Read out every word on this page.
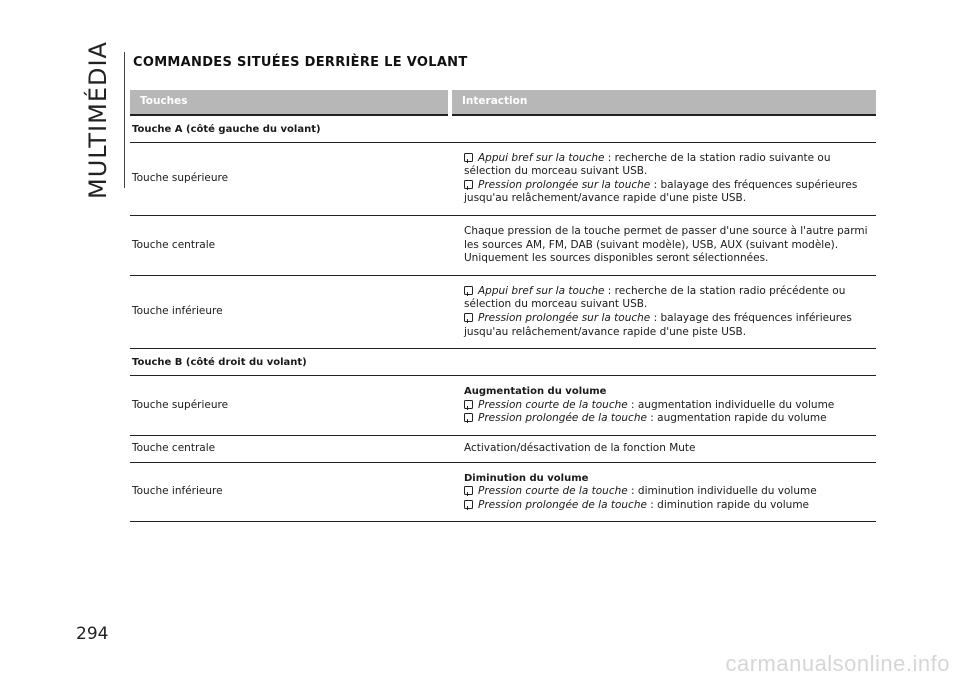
MULTIMÉDIA
294
COMMANDES SITUÉES DERRIÈRE LE VOLANT
Touches	Interaction
Touche A (côté gauche du volant)	
Touche supérieure	Appui bref sur la touche : recherche de la station radio suivante ou sélection du morceau suivant USB.
Pression prolongée sur la touche : balayage des fréquences supérieures jusqu'au relâchement/avance rapide d'une piste USB.

Touche centrale	Chaque pression de la touche permet de passer d'une source à l'autre parmi les sources AM, FM, DAB (suivant modèle), USB, AUX (suivant modèle). Uniquement les sources disponibles seront sélectionnées.

Touche inférieure	Appui bref sur la touche : recherche de la station radio précédente ou sélection du morceau suivant USB.
Pression prolongée sur la touche : balayage des fréquences inférieures jusqu'au relâchement/avance rapide d'une piste USB.

Touche B (côté droit du volant)	
Touche supérieure	Augmentation du volume
Pression courte de la touche : augmentation individuelle du volume
Pression prolongée de la touche : augmentation rapide du volume

Touche centrale	Activation/désactivation de la fonction Mute

Touche inférieure	Diminution du volume
Pression courte de la touche : diminution individuelle du volume
Pression prolongée de la touche : diminution rapide du volume
carmanualsonline.info
